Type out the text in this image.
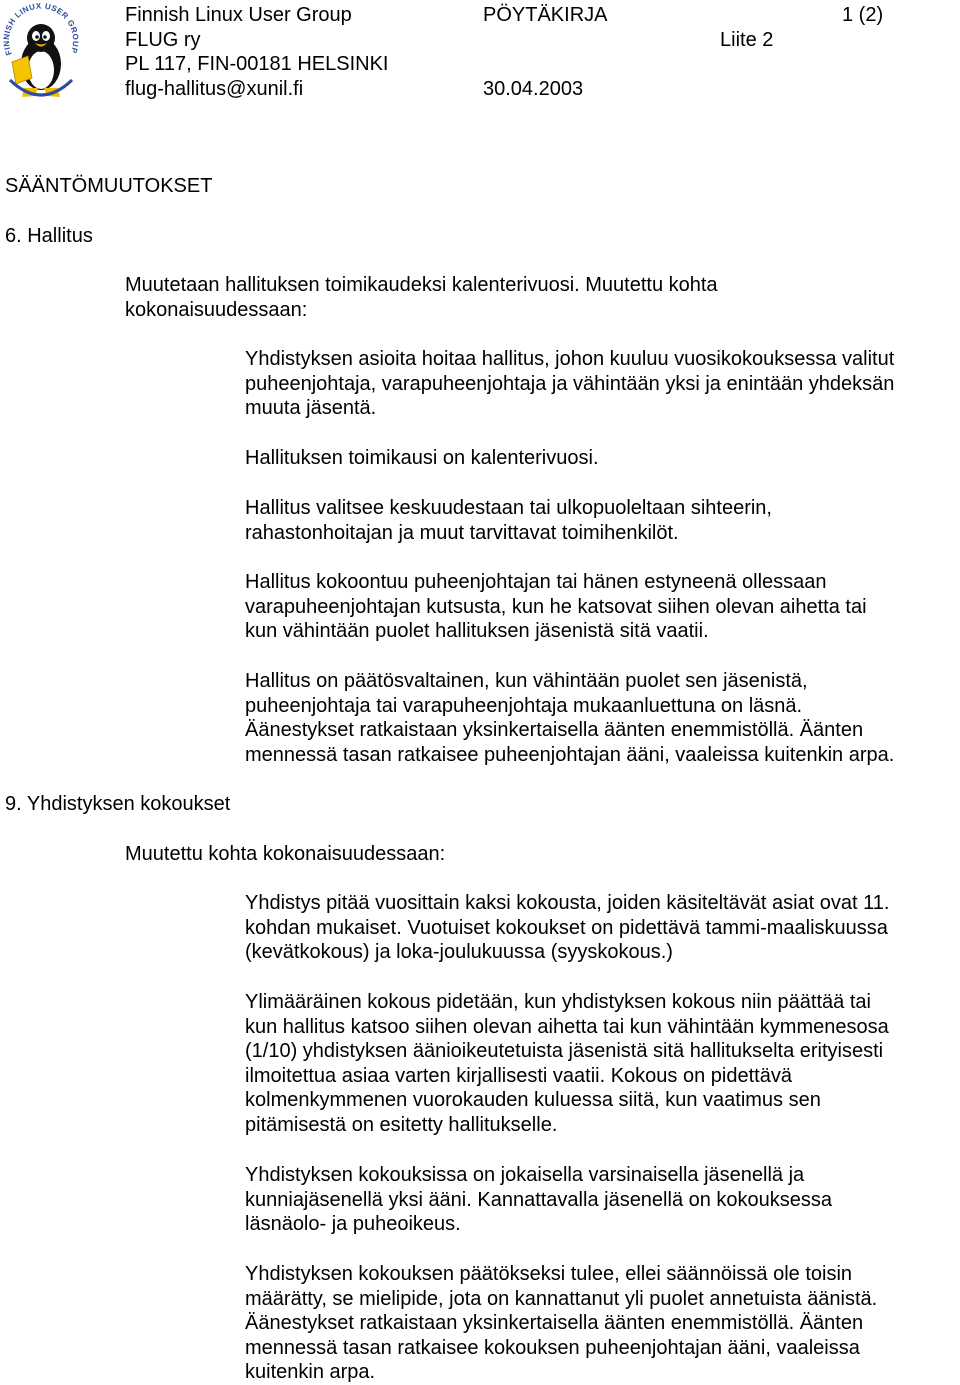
FINNISH LINUX USER GROUP
Finnish Linux User Group
FLUG ry
PL 117, FIN-00181 HELSINKI
flug-hallitus@xunil.fi
PÖYTÄKIRJA
30.04.2003
1 (2)
Liite 2
SÄÄNTÖMUUTOKSET
6. Hallitus
Muutetaan hallituksen toimikaudeksi kalenterivuosi. Muutettu kohta
kokonaisuudessaan:
Yhdistyksen asioita hoitaa hallitus, johon kuuluu vuosikokouksessa valitut
puheenjohtaja, varapuheenjohtaja ja vähintään yksi ja enintään yhdeksän
muuta jäsentä.
Hallituksen toimikausi on kalenterivuosi.
Hallitus valitsee keskuudestaan tai ulkopuoleltaan sihteerin,
rahastonhoitajan ja muut tarvittavat toimihenkilöt.
Hallitus kokoontuu puheenjohtajan tai hänen estyneenä ollessaan
varapuheenjohtajan kutsusta, kun he katsovat siihen olevan aihetta tai
kun vähintään puolet hallituksen jäsenistä sitä vaatii.
Hallitus on päätösvaltainen, kun vähintään puolet sen jäsenistä,
puheenjohtaja tai varapuheenjohtaja mukaanluettuna on läsnä.
Äänestykset ratkaistaan yksinkertaisella äänten enemmistöllä. Äänten
mennessä tasan ratkaisee puheenjohtajan ääni, vaaleissa kuitenkin arpa.
9. Yhdistyksen kokoukset
Muutettu kohta kokonaisuudessaan:
Yhdistys pitää vuosittain kaksi kokousta, joiden käsiteltävät asiat ovat 11.
kohdan mukaiset. Vuotuiset kokoukset on pidettävä tammi-maaliskuussa
(kevätkokous) ja loka-joulukuussa (syyskokous.)
Ylimääräinen kokous pidetään, kun yhdistyksen kokous niin päättää tai
kun hallitus katsoo siihen olevan aihetta tai kun vähintään kymmenesosa
(1/10) yhdistyksen äänioikeutetuista jäsenistä sitä hallitukselta erityisesti
ilmoitettua asiaa varten kirjallisesti vaatii. Kokous on pidettävä
kolmenkymmenen vuorokauden kuluessa siitä, kun vaatimus sen
pitämisestä on esitetty hallitukselle.
Yhdistyksen kokouksissa on jokaisella varsinaisella jäsenellä ja
kunniajäsenellä yksi ääni. Kannattavalla jäsenellä on kokouksessa
läsnäolo- ja puheoikeus.
Yhdistyksen kokouksen päätökseksi tulee, ellei säännöissä ole toisin
määrätty, se mielipide, jota on kannattanut yli puolet annetuista äänistä.
Äänestykset ratkaistaan yksinkertaisella äänten enemmistöllä. Äänten
mennessä tasan ratkaisee kokouksen puheenjohtajan ääni, vaaleissa
kuitenkin arpa.
